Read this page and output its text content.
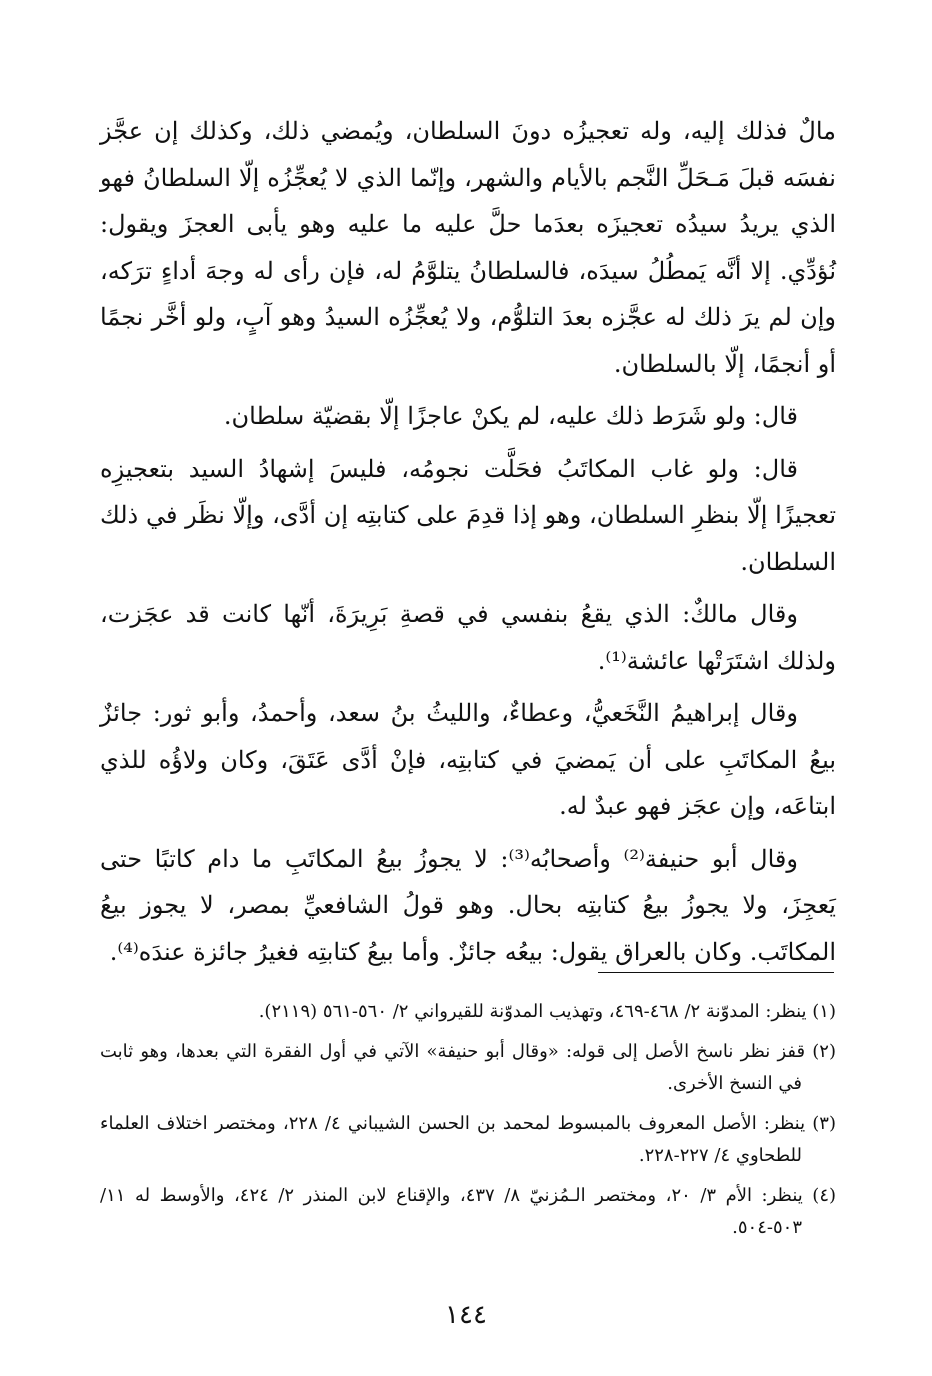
مالٌ فذلك إليه، وله تعجيزُه دونَ السلطان، ويُمضي ذلك، وكذلك إن عجَّز نفسَه قبلَ مَـحَلِّ النَّجم بالأيام والشهر، وإنّما الذي لا يُعجِّزُه إلّا السلطانُ فهو الذي يريدُ سيدُه تعجيزَه بعدَما حلَّ عليه ما عليه وهو يأبى العجزَ ويقول: نُؤدِّي. إلا أنَّه يَمطُلُ سيدَه، فالسلطانُ يتلوَّمُ له، فإن رأى له وجهَ أداءٍ ترَكه، وإن لم يرَ ذلك له عجَّزه بعدَ التلوُّم، ولا يُعجِّزُه السيدُ وهو آبٍ، ولو أخَّر نجمًا أو أنجمًا، إلّا بالسلطان.

قال: ولو شَرَط ذلك عليه، لم يكنْ عاجزًا إلّا بقضيّة سلطان.

قال: ولو غاب المكاتَبُ فحَلَّت نجومُه، فليسَ إشهادُ السيد بتعجيزِه تعجيزًا إلّا بنظرِ السلطان، وهو إذا قدِمَ على كتابتِه إن أدَّى، وإلّا نظَر في ذلك السلطان.

وقال مالكٌ: الذي يقعُ بنفسي في قصةِ بَرِيرَةَ، أنّها كانت قد عجَزت، ولذلك اشتَرَتْها عائشة⁽¹⁾.

وقال إبراهيمُ النَّخَعيُّ، وعطاءٌ، والليثُ بنُ سعد، وأحمدُ، وأبو ثور: جائزٌ بيعُ المكاتَبِ على أن يَمضيَ في كتابتِه، فإنْ أدَّى عَتَقَ، وكان ولاؤُه للذي ابتاعَه، وإن عجَز فهو عبدٌ له.

وقال أبو حنيفة⁽²⁾ وأصحابُه⁽³⁾: لا يجوزُ بيعُ المكاتَبِ ما دام كاتبًا حتى يَعجِزَ، ولا يجوزُ بيعُ كتابتِه بحال. وهو قولُ الشافعيِّ بمصر، لا يجوز بيعُ المكاتَب. وكان بالعراق يقول: بيعُه جائزٌ. وأما بيعُ كتابتِه فغيرُ جائزة عندَه⁽⁴⁾.

(١) ينظر: المدوّنة ٢/ ٤٦٨-٤٦٩، وتهذيب المدوّنة للقيرواني ٢/ ٥٦٠-٥٦١ (٢١١٩).

(٢) قفز نظر ناسخ الأصل إلى قوله: «وقال أبو حنيفة» الآتي في أول الفقرة التي بعدها، وهو ثابت في النسخ الأخرى.

(٣) ينظر: الأصل المعروف بالمبسوط لمحمد بن الحسن الشيباني ٤/ ٢٢٨، ومختصر اختلاف العلماء للطحاوي ٤/ ٢٢٧-٢٢٨.

(٤) ينظر: الأم ٣/ ٢٠، ومختصر الـمُزنيّ ٨/ ٤٣٧، والإقناع لابن المنذر ٢/ ٤٢٤، والأوسط له ١١/ ٥٠٣-٥٠٤.

١٤٤
